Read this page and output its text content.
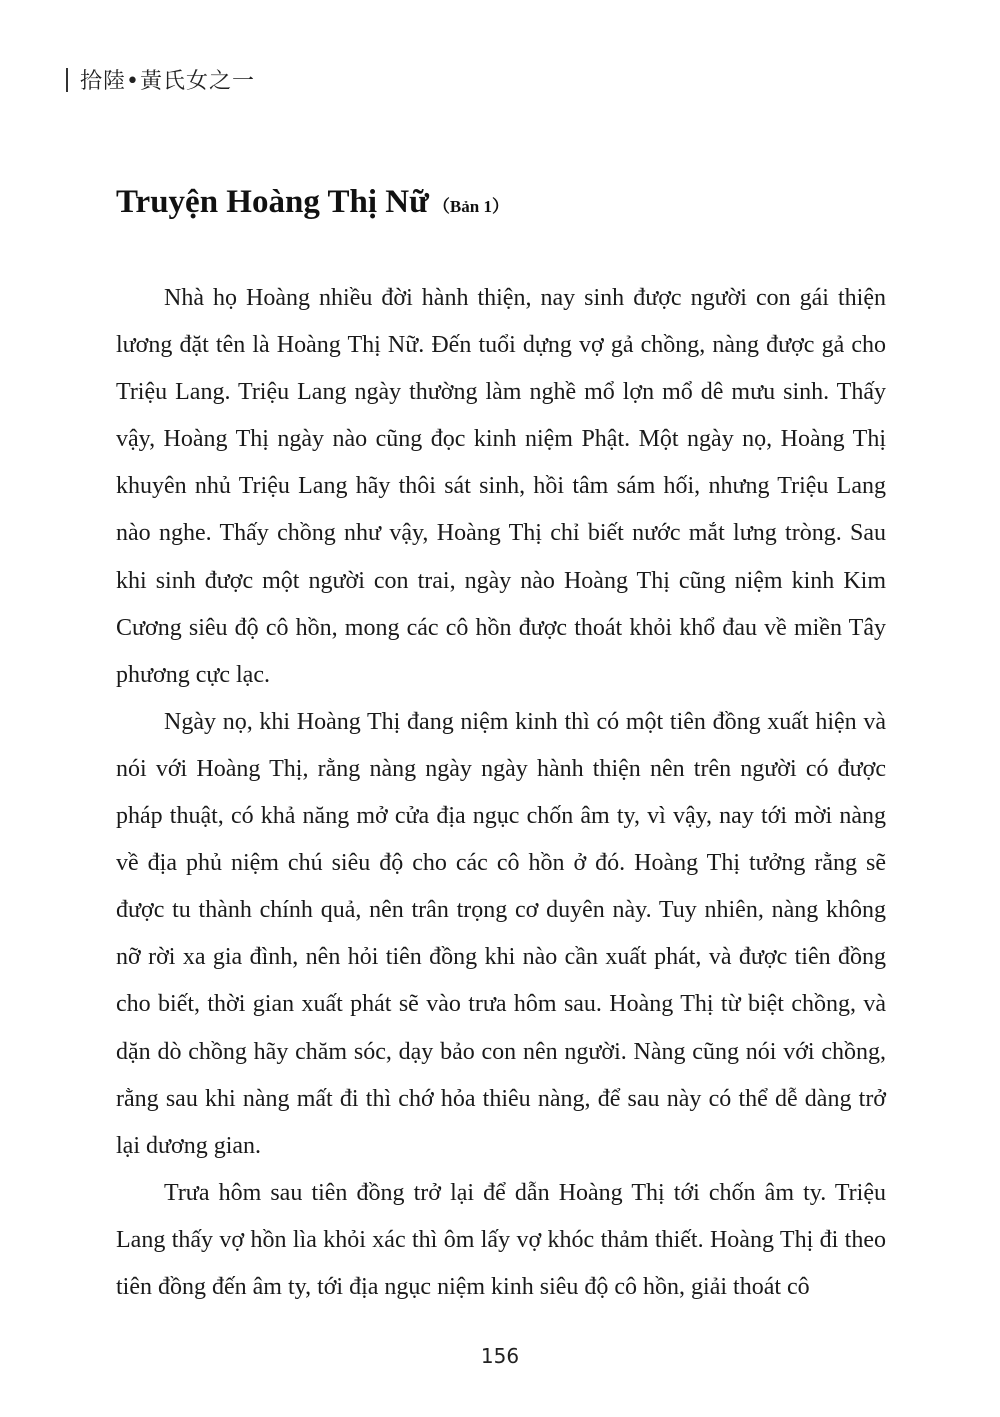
拾陸•黃氏女之一
Truyện Hoàng Thị Nữ （Bản 1）

Nhà họ Hoàng nhiều đời hành thiện, nay sinh được người con gái thiện lương đặt tên là Hoàng Thị Nữ. Đến tuổi dựng vợ gả chồng, nàng được gả cho Triệu Lang. Triệu Lang ngày thường làm nghề mổ lợn mổ dê mưu sinh. Thấy vậy, Hoàng Thị ngày nào cũng đọc kinh niệm Phật. Một ngày nọ, Hoàng Thị khuyên nhủ Triệu Lang hãy thôi sát sinh, hồi tâm sám hối, nhưng Triệu Lang nào nghe. Thấy chồng như vậy, Hoàng Thị chỉ biết nước mắt lưng tròng. Sau khi sinh được một người con trai, ngày nào Hoàng Thị cũng niệm kinh Kim Cương siêu độ cô hồn, mong các cô hồn được thoát khỏi khổ đau về miền Tây phương cực lạc.

Ngày nọ, khi Hoàng Thị đang niệm kinh thì có một tiên đồng xuất hiện và nói với Hoàng Thị, rằng nàng ngày ngày hành thiện nên trên người có được pháp thuật, có khả năng mở cửa địa ngục chốn âm ty, vì vậy, nay tới mời nàng về địa phủ niệm chú siêu độ cho các cô hồn ở đó. Hoàng Thị tưởng rằng sẽ được tu thành chính quả, nên trân trọng cơ duyên này. Tuy nhiên, nàng không nỡ rời xa gia đình, nên hỏi tiên đồng khi nào cần xuất phát, và được tiên đồng cho biết, thời gian xuất phát sẽ vào trưa hôm sau. Hoàng Thị từ biệt chồng, và dặn dò chồng hãy chăm sóc, dạy bảo con nên người. Nàng cũng nói với chồng, rằng sau khi nàng mất đi thì chớ hỏa thiêu nàng, để sau này có thể dễ dàng trở lại dương gian.

Trưa hôm sau tiên đồng trở lại để dẫn Hoàng Thị tới chốn âm ty. Triệu Lang thấy vợ hồn lìa khỏi xác thì ôm lấy vợ khóc thảm thiết. Hoàng Thị đi theo tiên đồng đến âm ty, tới địa ngục niệm kinh siêu độ cô hồn, giải thoát cô

156
